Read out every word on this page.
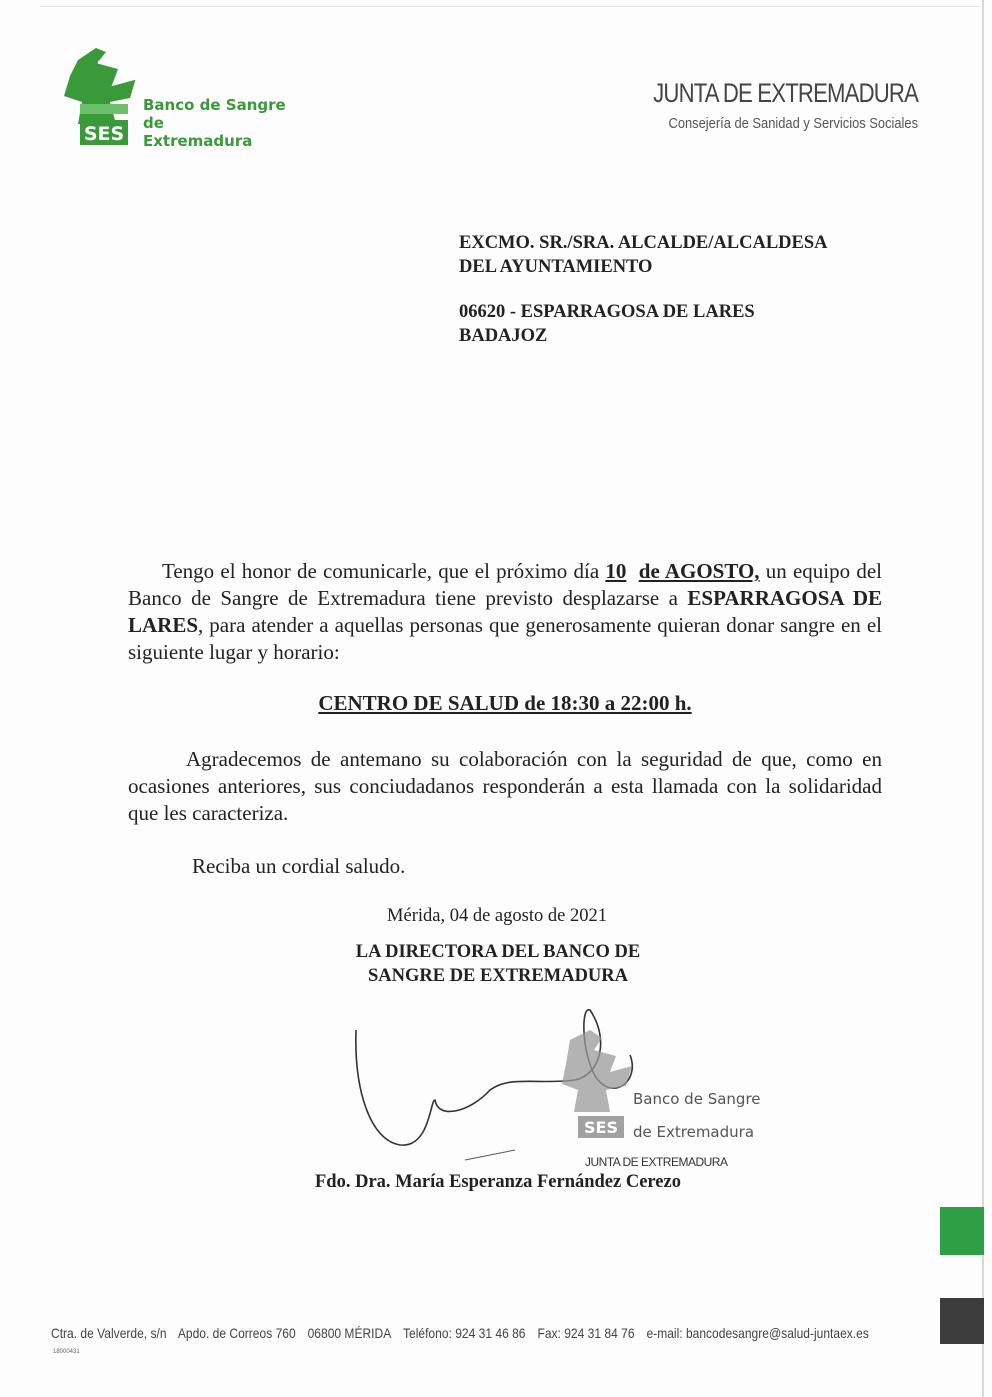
SES
Banco de Sangre
de
Extremadura
JUNTA DE EXTREMADURA
Consejería de Sanidad y Servicios Sociales
EXCMO. SR./SRA. ALCALDE/ALCALDESA
DEL AYUNTAMIENTO
06620 - ESPARRAGOSA DE LARES
BADAJOZ
Tengo el honor de comunicarle, que el próximo día 10 de AGOSTO, un equipo del Banco de Sangre de Extremadura tiene previsto desplazarse a ESPARRAGOSA DE LARES, para atender a aquellas personas que generosamente quieran donar sangre en el siguiente lugar y horario:
CENTRO DE SALUD de 18:30 a 22:00 h.
Agradecemos de antemano su colaboración con la seguridad de que, como en ocasiones anteriores, sus conciudadanos responderán a esta llamada con la solidaridad que les caracteriza.
Reciba un cordial saludo.
Mérida, 04 de agosto de 2021
LA DIRECTORA DEL BANCO DE
SANGRE DE EXTREMADURA
SES
Banco de Sangre
de Extremadura
JUNTA DE EXTREMADURA
Fdo. Dra. María Esperanza Fernández Cerezo
Ctra. de Valverde, s/n Apdo. de Correos 760 06800 MÉRIDA Teléfono: 924 31 46 86 Fax: 924 31 84 76 e-mail: bancodesangre@salud-juntaex.es
18000431
